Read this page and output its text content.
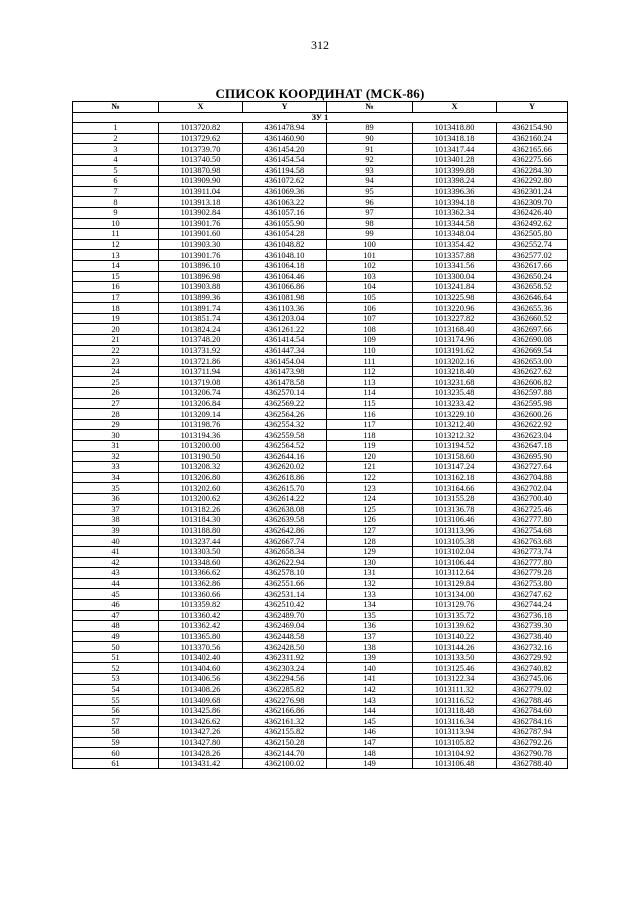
312
СПИСОК КООРДИНАТ (МСК-86)
№	X	Y	№	X	Y
ЗУ 1					
1	1013720.82	4361478.94	89	1013418.80	4362154.90
2	1013729.62	4361460.90	90	1013418.18	4362160.24
3	1013739.70	4361454.20	91	1013417.44	4362165.66
4	1013740.50	4361454.54	92	1013401.28	4362275.66
5	1013870.98	4361194.58	93	1013399.88	4362284.30
6	1013909.90	4361072.62	94	1013398.24	4362292.80
7	1013911.04	4361069.36	95	1013396.36	4362301.24
8	1013913.18	4361063.22	96	1013394.18	4362309.70
9	1013902.84	4361057.16	97	1013362.34	4362426.40
10	1013901.76	4361055.90	98	1013344.58	4362492.62
11	1013901.60	4361054.28	99	1013348.04	4362505.80
12	1013903.30	4361048.82	100	1013354.42	4362552.74
13	1013901.76	4361048.10	101	1013357.88	4362577.02
14	1013896.10	4361064.18	102	1013341.56	4362617.66
15	1013896.98	4361064.46	103	1013300.04	4362650.24
16	1013903.88	4361066.86	104	1013241.84	4362658.52
17	1013899.36	4361081.98	105	1013225.98	4362646.64
18	1013891.74	4361103.36	106	1013220.96	4362655.36
19	1013851.74	4361203.04	107	1013227.82	4362660.52
20	1013824.24	4361261.22	108	1013168.40	4362697.66
21	1013748.20	4361414.54	109	1013174.96	4362690.08
22	1013731.92	4361447.34	110	1013191.62	4362669.54
23	1013721.86	4361454.04	111	1013202.16	4362653.00
24	1013711.94	4361473.98	112	1013218.40	4362627.62
25	1013719.08	4361478.58	113	1013231.68	4362606.82
26	1013206.74	4362570.14	114	1013235.48	4362597.88
27	1013206.84	4362569.22	115	1013233.42	4362595.98
28	1013209.14	4362564.26	116	1013229.10	4362600.26
29	1013198.76	4362554.32	117	1013212.40	4362622.92
30	1013194.36	4362559.58	118	1013212.32	4362623.04
31	1013200.00	4362564.52	119	1013194.52	4362647.18
32	1013190.50	4362644.16	120	1013158.60	4362695.90
33	1013208.32	4362620.02	121	1013147.24	4362727.64
34	1013206.80	4362618.86	122	1013162.18	4362704.88
35	1013202.60	4362615.70	123	1013164.66	4362702.04
36	1013200.62	4362614.22	124	1013155.28	4362700.40
37	1013182.26	4362638.08	125	1013136.78	4362725.46
38	1013184.30	4362639.58	126	1013106.46	4362777.80
39	1013188.80	4362642.86	127	1013113.96	4362754.68
40	1013237.44	4362667.74	128	1013105.38	4362763.68
41	1013303.50	4362658.34	129	1013102.04	4362773.74
42	1013348.60	4362622.94	130	1013106.44	4362777.80
43	1013366.62	4362578.10	131	1013112.64	4362779.28
44	1013362.86	4362551.66	132	1013129.84	4362753.80
45	1013360.66	4362531.14	133	1013134.00	4362747.62
46	1013359.82	4362510.42	134	1013129.76	4362744.24
47	1013360.42	4362489.70	135	1013135.72	4362736.18
48	1013362.42	4362469.04	136	1013139.62	4362739.30
49	1013365.80	4362448.58	137	1013140.22	4362738.40
50	1013370.56	4362428.50	138	1013144.26	4362732.16
51	1013402.40	4362311.92	139	1013133.50	4362729.92
52	1013404.60	4362303.24	140	1013125.46	4362740.82
53	1013406.56	4362294.56	141	1013122.34	4362745.06
54	1013408.26	4362285.82	142	1013111.32	4362779.02
55	1013409.68	4362276.98	143	1013116.52	4362788.46
56	1013425.86	4362166.86	144	1013118.48	4362784.60
57	1013426.62	4362161.32	145	1013116.34	4362784.16
58	1013427.26	4362155.82	146	1013113.94	4362787.94
59	1013427.80	4362150.28	147	1013105.82	4362792.26
60	1013428.26	4362144.70	148	1013104.92	4362790.78
61	1013431.42	4362100.02	149	1013106.48	4362788.40
